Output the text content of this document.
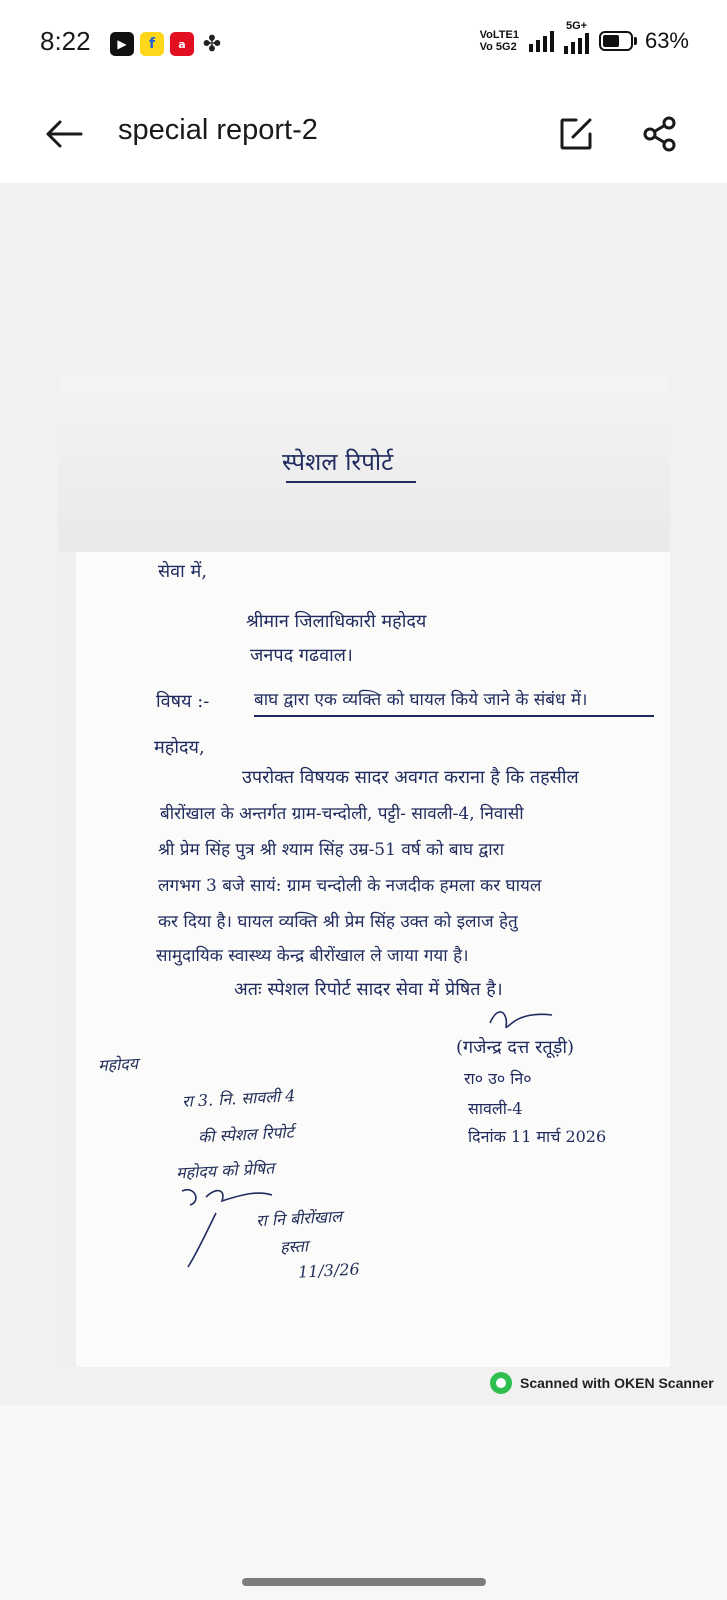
8:22	▶	f	a ✤	VoLTE1
Vo 5G2
5G+
63%
special report-2
स्पेशल रिपोर्ट
सेवा में,
श्रीमान जिलाधिकारी महोदय
जनपद गढवाल।
विषय :-	बाघ द्वारा एक व्यक्ति को घायल किये जाने के संबंध में।
महोदय,
उपरोक्त विषयक सादर अवगत कराना है कि तहसील
बीरोंखाल के अन्तर्गत ग्राम-चन्दोली, पट्टी- सावली-4, निवासी
श्री प्रेम सिंह पुत्र श्री श्याम सिंह उम्र-51 वर्ष को बाघ द्वारा
लगभग 3 बजे सायं: ग्राम चन्दोली के नजदीक हमला कर घायल
कर दिया है। घायल व्यक्ति श्री प्रेम सिंह उक्त को इलाज हेतु
सामुदायिक स्वास्थ्य केन्द्र बीरोंखाल ले जाया गया है।
अतः स्पेशल रिपोर्ट सादर सेवा में प्रेषित है।
(गजेन्द्र दत्त रतूड़ी)
रा० उ० नि०
सावली-4
दिनांक 11 मार्च 2026
महोदय
रा 3. नि. सावली 4
की स्पेशल रिपोर्ट
महोदय को प्रेषित
रा नि बीरोंखाल
हस्ता
11/3/26
Scanned with OKEN Scanner
